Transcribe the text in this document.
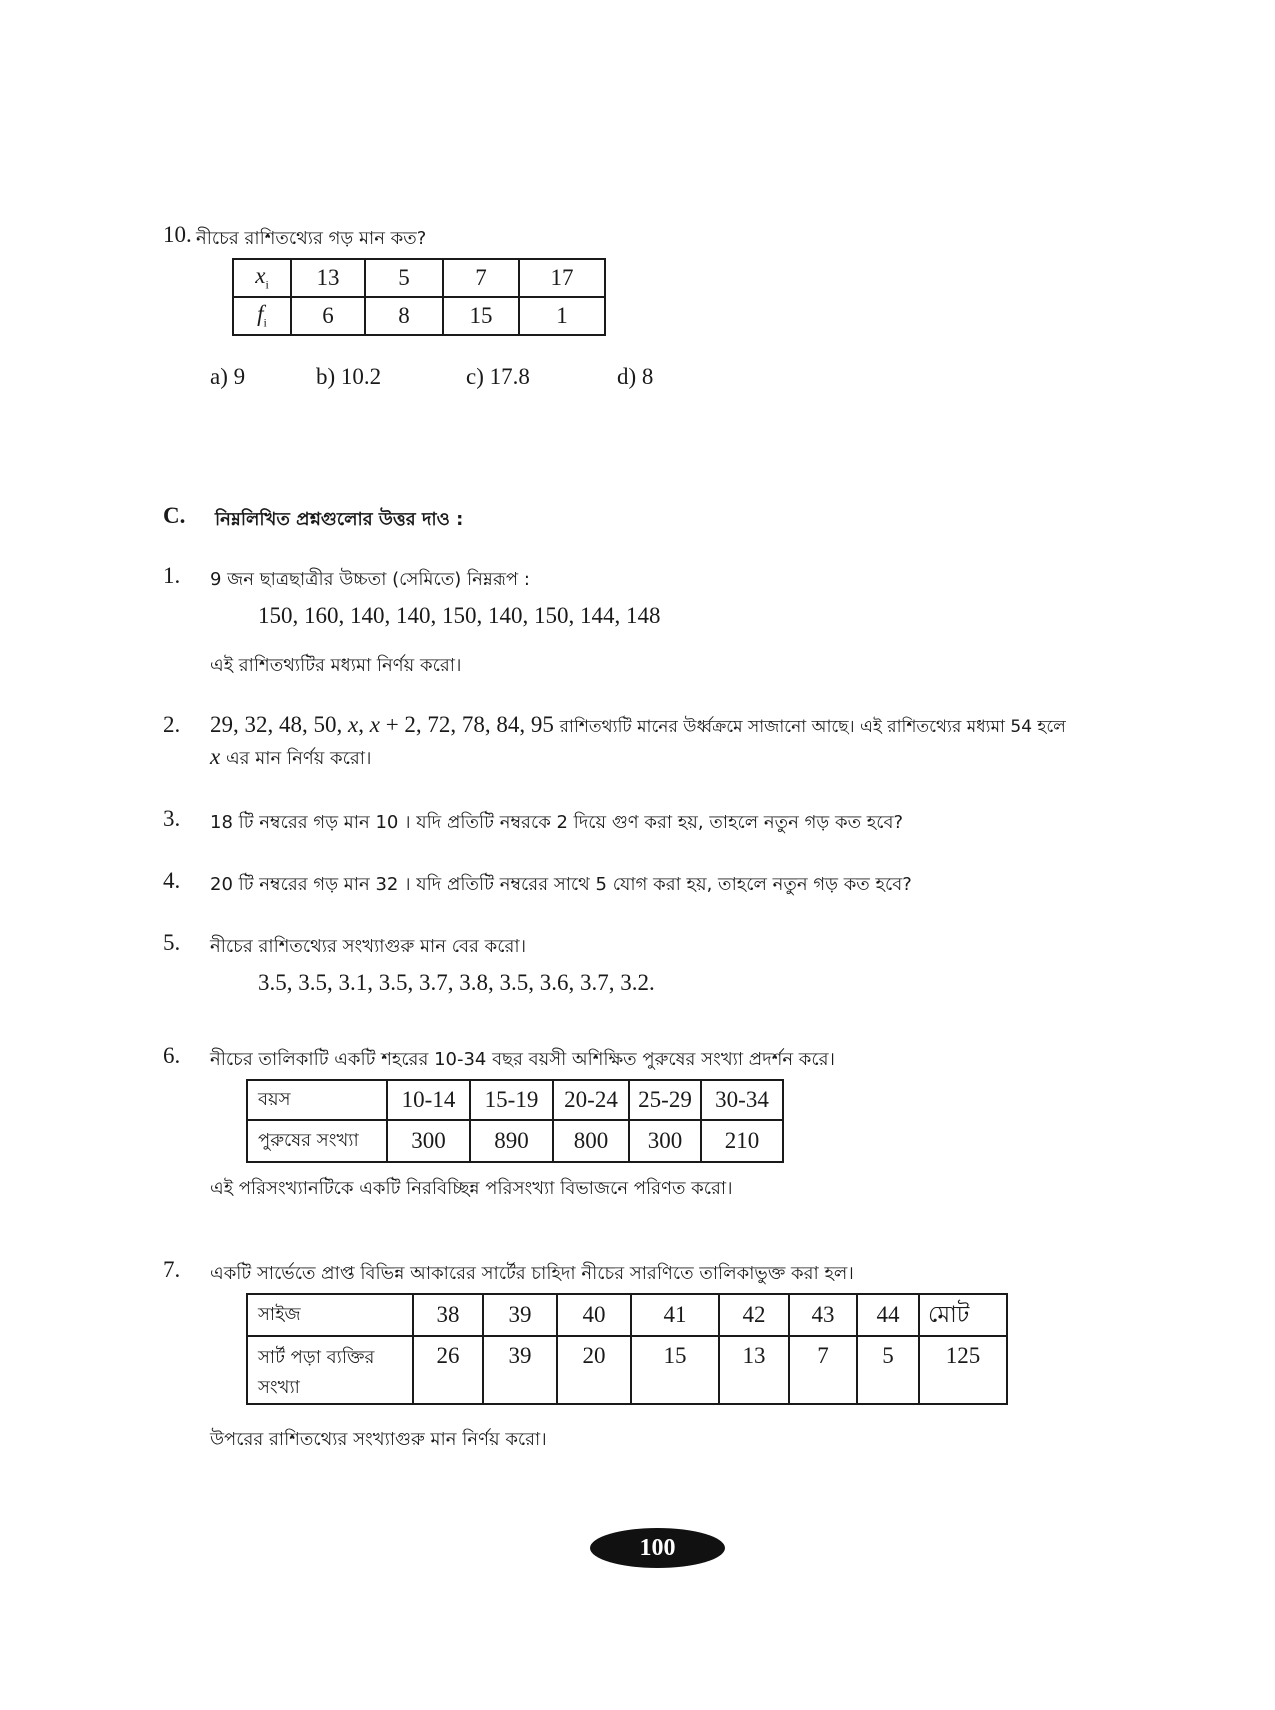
10. নীচের রাশিতথ্যের গড় মান কত?
$x_i$	13	5	7	17
$f_i$	6	8	15	1
a) 9	b) 10.2	c) 17.8	d) 8
C. নিম্নলিখিত প্রশ্নগুলোর উত্তর দাও :
1. 9 জন ছাত্রছাত্রীর উচ্চতা (সেমিতে) নিম্নরূপ :
150, 160, 140, 140, 150, 140, 150, 144, 148
এই রাশিতথ্যটির মধ্যমা নির্ণয় করো।
2. 29, 32, 48, 50, x, x + 2, 72, 78, 84, 95 রাশিতথ্যটি মানের উর্ধ্বক্রমে সাজানো আছে। এই রাশিতথ্যের মধ্যমা 54 হলে
x এর মান নির্ণয় করো।
3. 18 টি নম্বরের গড় মান 10 । যদি প্রতিটি নম্বরকে 2 দিয়ে গুণ করা হয়, তাহলে নতুন গড় কত হবে?
4. 20 টি নম্বরের গড় মান 32 । যদি প্রতিটি নম্বরের সাথে 5 যোগ করা হয়, তাহলে নতুন গড় কত হবে?
5. নীচের রাশিতথ্যের সংখ্যাগুরু মান বের করো।
3.5, 3.5, 3.1, 3.5, 3.7, 3.8, 3.5, 3.6, 3.7, 3.2.
6. নীচের তালিকাটি একটি শহরের 10-34 বছর বয়সী অশিক্ষিত পুরুষের সংখ্যা প্রদর্শন করে।
বয়স	10-14	15-19	20-24	25-29	30-34
পুরুষের সংখ্যা	300	890	800	300	210
এই পরিসংখ্যানটিকে একটি নিরবিচ্ছিন্ন পরিসংখ্যা বিভাজনে পরিণত করো।
7. একটি সার্ভেতে প্রাপ্ত বিভিন্ন আকারের সার্টের চাহিদা নীচের সারণিতে তালিকাভুক্ত করা হল।
সাইজ	38	39	40	41	42	43	44	মোট
সার্ট পড়া ব্যক্তির
সংখ্যা	26	39	20	15	13	7	5	125
উপরের রাশিতথ্যের সংখ্যাগুরু মান নির্ণয় করো।
100
